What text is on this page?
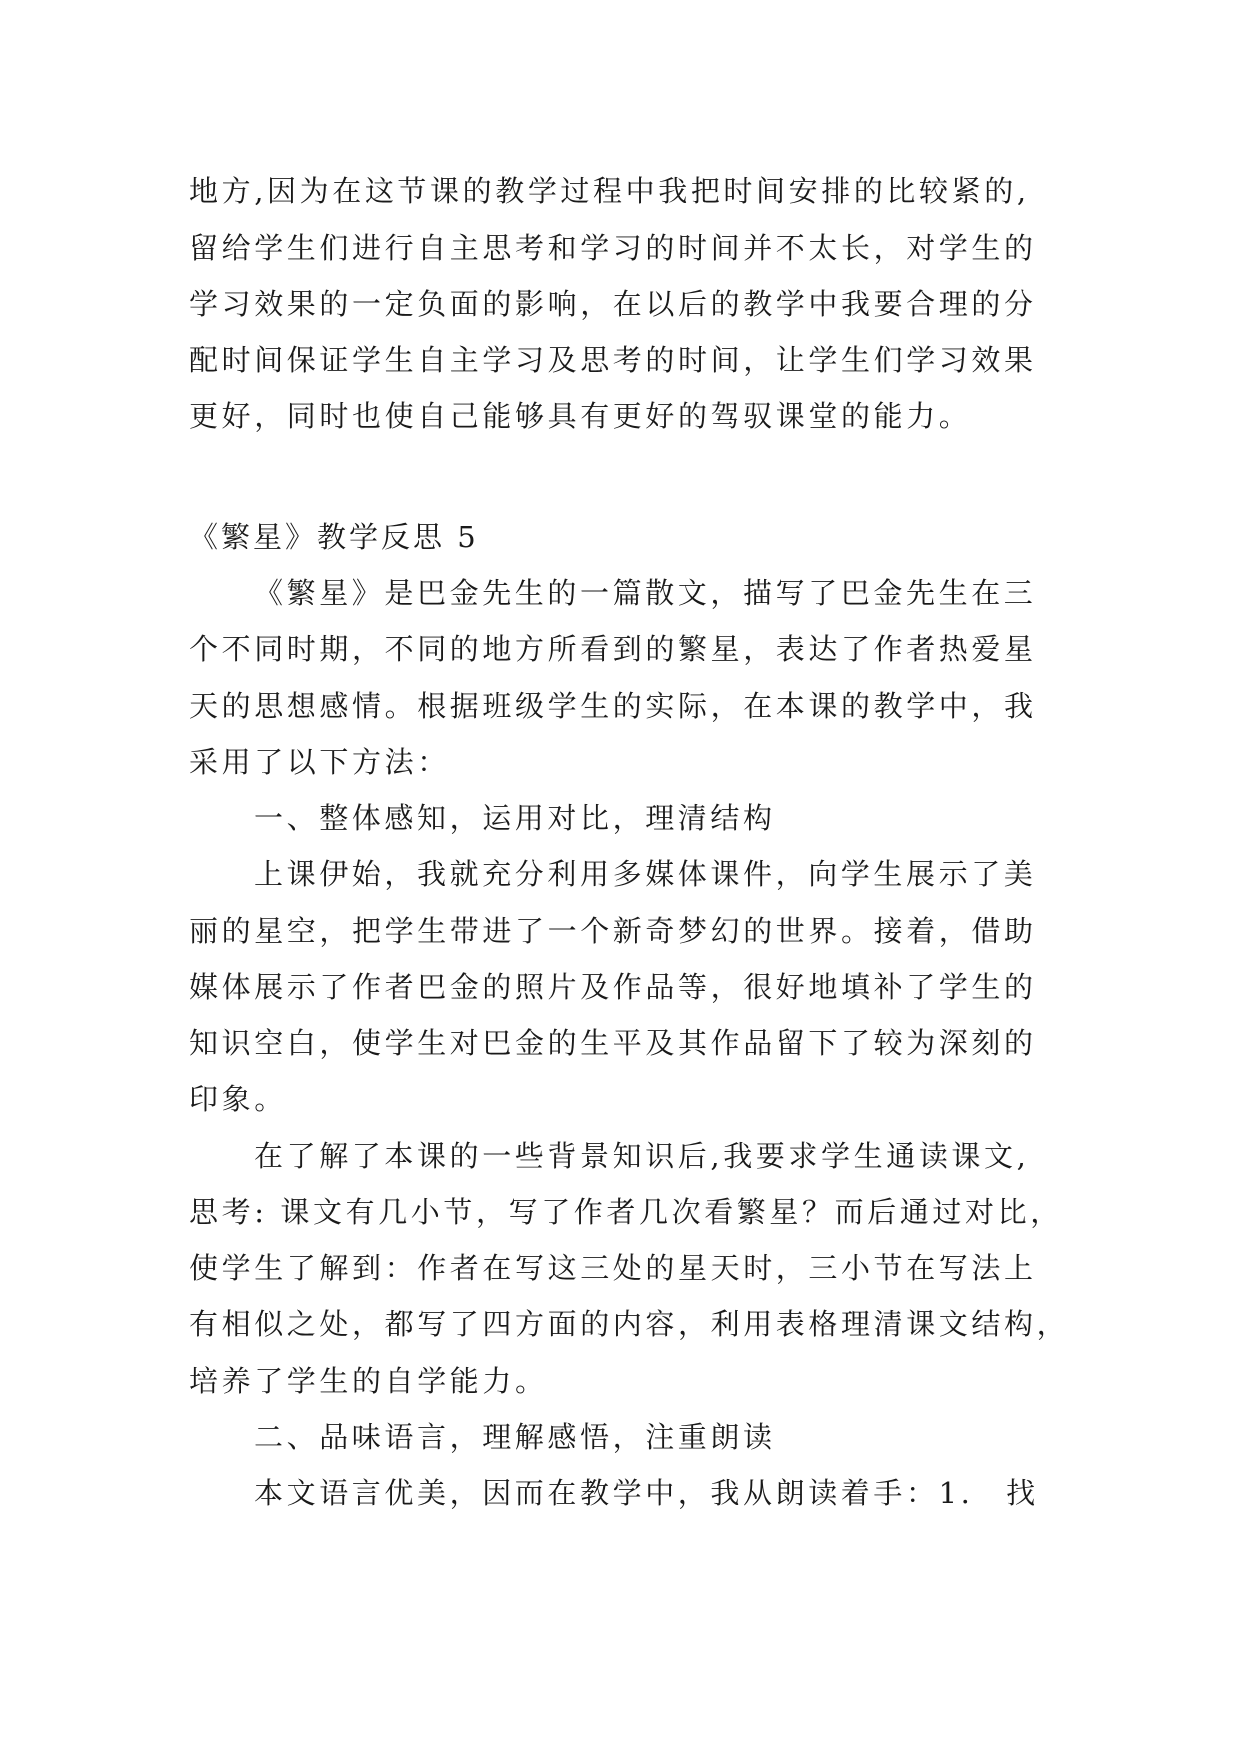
地方,因为在这节课的教学过程中我把时间安排的比较紧的,
留给学生们进行自主思考和学习的时间并不太长，对学生的
学习效果的一定负面的影响，在以后的教学中我要合理的分
配时间保证学生自主学习及思考的时间，让学生们学习效果
更好，同时也使自己能够具有更好的驾驭课堂的能力。
《繁星》教学反思 5
《繁星》是巴金先生的一篇散文，描写了巴金先生在三
个不同时期，不同的地方所看到的繁星，表达了作者热爱星
天的思想感情。根据班级学生的实际，在本课的教学中，我
采用了以下方法：
一、整体感知，运用对比，理清结构
上课伊始，我就充分利用多媒体课件，向学生展示了美
丽的星空，把学生带进了一个新奇梦幻的世界。接着，借助
媒体展示了作者巴金的照片及作品等，很好地填补了学生的
知识空白，使学生对巴金的生平及其作品留下了较为深刻的
印象。
在了解了本课的一些背景知识后,我要求学生通读课文,
思考: 课文有几小节，写了作者几次看繁星？而后通过对比，
使学生了解到：作者在写这三处的星天时，三小节在写法上
有相似之处，都写了四方面的内容，利用表格理清课文结构，
培养了学生的自学能力。
二、品味语言，理解感悟，注重朗读
本文语言优美，因而在教学中，我从朗读着手：1.　找
